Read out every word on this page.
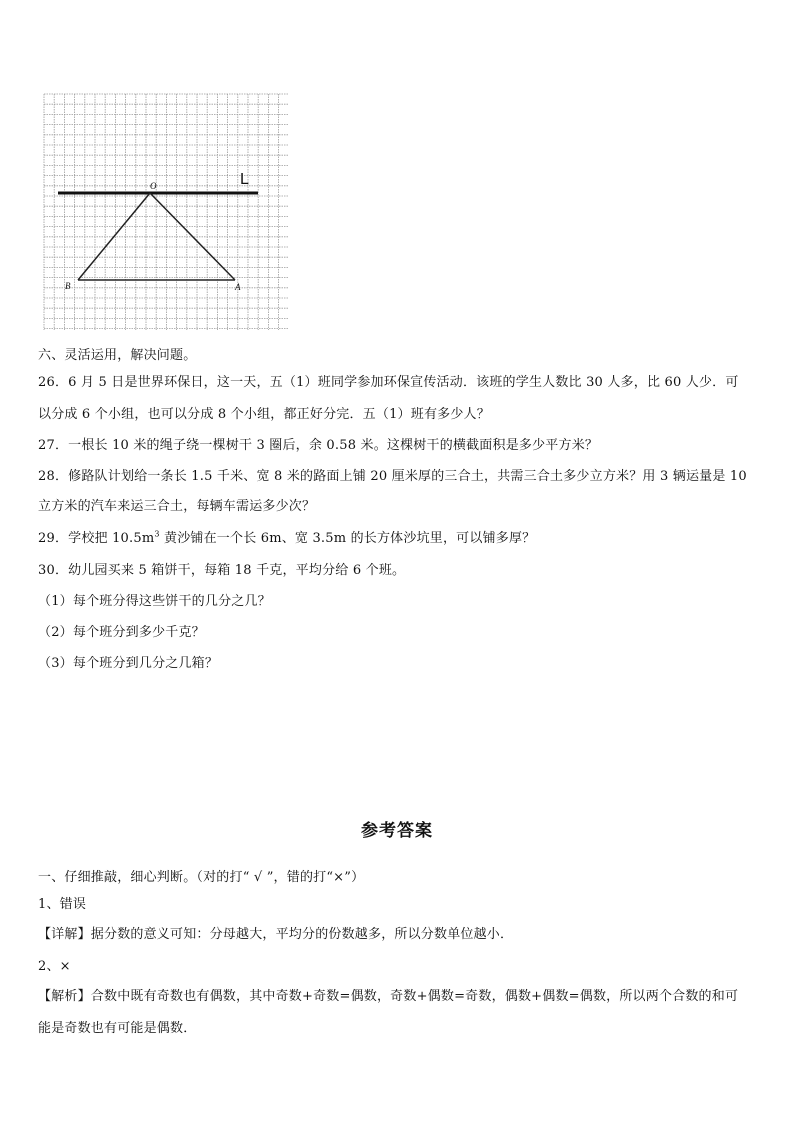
L
O
B	A
六、灵活运用，解决问题。
26．6 月 5 日是世界环保日，这一天，五（1）班同学参加环保宣传活动．该班的学生人数比 30 人多，比 60 人少．可
以分成 6 个小组，也可以分成 8 个小组，都正好分完．五（1）班有多少人？
27．一根长 10 米的绳子绕一棵树干 3 圈后，余 0.58 米。这棵树干的横截面积是多少平方米？
28．修路队计划给一条长 1.5 千米、宽 8 米的路面上铺 20 厘米厚的三合土，共需三合土多少立方米？用 3 辆运量是 10
立方米的汽车来运三合土，每辆车需运多少次？
29．学校把 $10.5m^3$ 黄沙铺在一个长 6m、宽 3.5m 的长方体沙坑里，可以铺多厚？
30．幼儿园买来 5 箱饼干，每箱 18 千克，平均分给 6 个班。
（1）每个班分得这些饼干的几分之几？
（2）每个班分到多少千克？
（3）每个班分到几分之几箱？
参考答案
一、仔细推敲，细心判断。（对的打“ √ ”，错的打“×”）
1、错误
【详解】据分数的意义可知：分母越大，平均分的份数越多，所以分数单位越小．
2、×
【解析】合数中既有奇数也有偶数，其中奇数+奇数=偶数，奇数+偶数=奇数，偶数+偶数=偶数，所以两个合数的和可
能是奇数也有可能是偶数．
